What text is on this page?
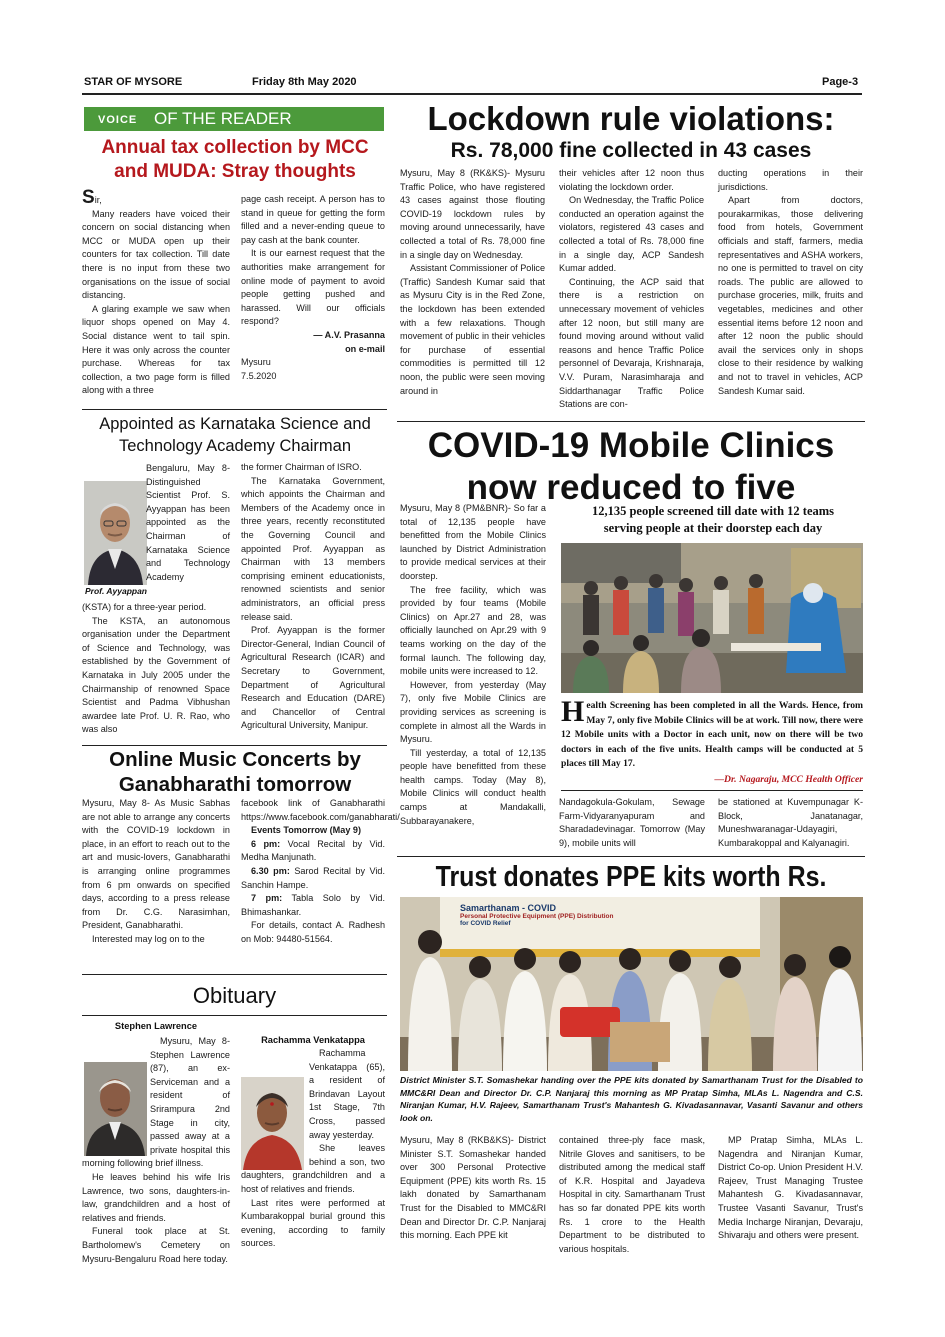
STAR OF MYSORE	Friday 8th May 2020	Page-3
VOICE OF THE READER
Annual tax collection by MCC
and MUDA: Stray thoughts

Sir,

Many readers have voiced their concern on social distancing when MCC or MUDA open up their counters for tax collection. Till date there is no input from these two organisations on the issue of social distancing.

A glaring example we saw when liquor shops opened on May 4. Social distance went to tail spin. Here it was only across the counter purchase. Whereas for tax collection, a two page form is filled along with a three

page cash receipt. A person has to stand in queue for getting the form filled and a never-ending queue to pay cash at the bank counter.

It is our earnest request that the authorities make arrangement for online mode of payment to avoid people getting pushed and harassed. Will our officials respond?

— A.V. Prasanna
on e-mail
Mysuru
7.5.2020
Lockdown rule violations:
Rs. 78,000 fine collected in 43 cases

Mysuru, May 8 (RK&KS)- Mysuru Traffic Police, who have registered 43 cases against those flouting COVID-19 lockdown rules by moving around unnecessarily, have collected a total of Rs. 78,000 fine in a single day on Wednesday.

Assistant Commissioner of Police (Traffic) Sandesh Kumar said that as Mysuru City is in the Red Zone, the lockdown has been extended with a few relaxations. Though movement of public in their vehicles for purchase of essential commodities is permitted till 12 noon, the public were seen moving around in

their vehicles after 12 noon thus violating the lockdown order.

On Wednesday, the Traffic Police conducted an operation against the violators, registered 43 cases and collected a total of Rs. 78,000 fine in a single day, ACP Sandesh Kumar added.

Continuing, the ACP said that there is a restriction on unnecessary movement of vehicles after 12 noon, but still many are found moving around without valid reasons and hence Traffic Police personnel of Devaraja, Krishnaraja, V.V. Puram, Narasimharaja and Siddarthanagar Traffic Police Stations are con-

ducting operations in their jurisdictions.

Apart from doctors, pourakarmikas, those delivering food from hotels, Government officials and staff, farmers, media representatives and ASHA workers, no one is permitted to travel on city roads. The public are allowed to purchase groceries, milk, fruits and vegetables, medicines and other essential items before 12 noon and after 12 noon the public should avail the services only in shops close to their residence by walking and not to travel in vehicles, ACP Sandesh Kumar said.

Appointed as Karnataka Science and
Technology Academy Chairman
Prof. Ayyappan

Bengaluru, May 8- Distinguished Scientist Prof. S. Ayyappan has been appointed as the Chairman of Karnataka Science and Technology Academy

(KSTA) for a three-year period.

The KSTA, an autonomous organisation under the Department of Science and Technology, was established by the Government of Karnataka in July 2005 under the Chairmanship of renowned Space Scientist and Padma Vibhushan awardee late Prof. U. R. Rao, who was also

the former Chairman of ISRO.

The Karnataka Government, which appoints the Chairman and Members of the Academy once in three years, recently reconstituted the Governing Council and appointed Prof. Ayyappan as Chairman with 13 members comprising eminent educationists, renowned scientists and senior administrators, an official press release said.

Prof. Ayyappan is the former Director-General, Indian Council of Agricultural Research (ICAR) and Secretary to Government, Department of Agricultural Research and Education (DARE) and Chancellor of Central Agricultural University, Manipur.

COVID-19 Mobile Clinics
now reduced to five
12,135 people screened till date with 12 teams
serving people at their doorstep each day

Mysuru, May 8 (PM&BNR)- So far a total of 12,135 people have benefitted from the Mobile Clinics launched by District Administration to provide medical services at their doorstep.

The free facility, which was provided by four teams (Mobile Clinics) on Apr.27 and 28, was officially launched on Apr.29 with 9 teams working on the day of the formal launch. The following day, mobile units were increased to 12.

However, from yesterday (May 7), only five Mobile Clinics are providing services as screening is complete in almost all the Wards in Mysuru.

Till yesterday, a total of 12,135 people have benefitted from these health camps. Today (May 8), Mobile Clinics will conduct health camps at Mandakalli, Subbarayanakere,

Health Screening has been completed in all the Wards. Hence, from May 7, only five Mobile Clinics will be at work. Till now, there were 12 Mobile units with a Doctor in each unit, now on there will be two doctors in each of the five units. Health camps will be conducted at 5 places till May 17.
—Dr. Nagaraju, MCC Health Officer

Nandagokula-Gokulam, Sewage Farm-Vidyaranyapuram and Sharadadevinagar. Tomorrow (May 9), mobile units will

be stationed at Kuvempunagar K-Block, Janatanagar, Muneshwaranagar-Udayagiri, Kumbarakoppal and Kalyanagiri.

Online Music Concerts by
Ganabharathi tomorrow

Mysuru, May 8- As Music Sabhas are not able to arrange any concerts with the COVID-19 lockdown in place, in an effort to reach out to the art and music-lovers, Ganabharathi is arranging online programmes from 6 pm onwards on specified days, according to a press release from Dr. C.G. Narasimhan, President, Ganabharathi.

Interested may log on to the

facebook link of Ganabharathi https://www.facebook.com/ganabharati/

Events Tomorrow (May 9)

6 pm: Vocal Recital by Vid. Medha Manjunath.

6.30 pm: Sarod Recital by Vid. Sanchin Hampe.

7 pm: Tabla Solo by Vid. Bhimashankar.

For details, contact A. Radhesh on Mob: 94480-51564.

Trust donates PPE kits worth Rs.
Samarthanam - COVID
Personal Protective Equipment (PPE) Distribution
for COVID Relief
District Minister S.T. Somashekar handing over the PPE kits donated by Samarthanam Trust for the Disabled to MMC&RI Dean and Director Dr. C.P. Nanjaraj this morning as MP Pratap Simha, MLAs L. Nagendra and C.S. Niranjan Kumar, H.V. Rajeev, Samarthanam Trust's Mahantesh G. Kivadasannavar, Vasanti Savanur and others look on.

Mysuru, May 8 (RKB&KS)- District Minister S.T. Somashekar handed over 300 Personal Protective Equipment (PPE) kits worth Rs. 15 lakh donated by Samarthanam Trust for the Disabled to MMC&RI Dean and Director Dr. C.P. Nanjaraj this morning. Each PPE kit

contained three-ply face mask, Nitrile Gloves and sanitisers, to be distributed among the medical staff of K.R. Hospital and Jayadeva Hospital in city. Samarthanam Trust has so far donated PPE kits worth Rs. 1 crore to the Health Department to be distributed to various hospitals.

MP Pratap Simha, MLAs L. Nagendra and Niranjan Kumar, District Co-op. Union President H.V. Rajeev, Trust Managing Trustee Mahantesh G. Kivadasannavar, Trustee Vasanti Savanur, Trust's Media Incharge Niranjan, Devaraju, Shivaraju and others were present.

Obituary
Stephen Lawrence

Mysuru, May 8- Stephen Lawrence (87), an ex-Serviceman and a resident of Srirampura 2nd Stage in city, passed away at a private hospital this morning following brief illness.

He leaves behind his wife Iris Lawrence, two sons, daughters-in-law, grandchildren and a host of relatives and friends.

Funeral took place at St. Bartholomew's Cemetery on Mysuru-Bengaluru Road here today.

Rachamma Venkatappa

Rachamma Venkatappa (65), a resident of Brindavan Layout 1st Stage, 7th Cross, passed away yesterday.

She leaves behind a son, two daughters, grandchildren and a host of relatives and friends.

Last rites were performed at Kumbarakoppal burial ground this evening, according to family sources.
